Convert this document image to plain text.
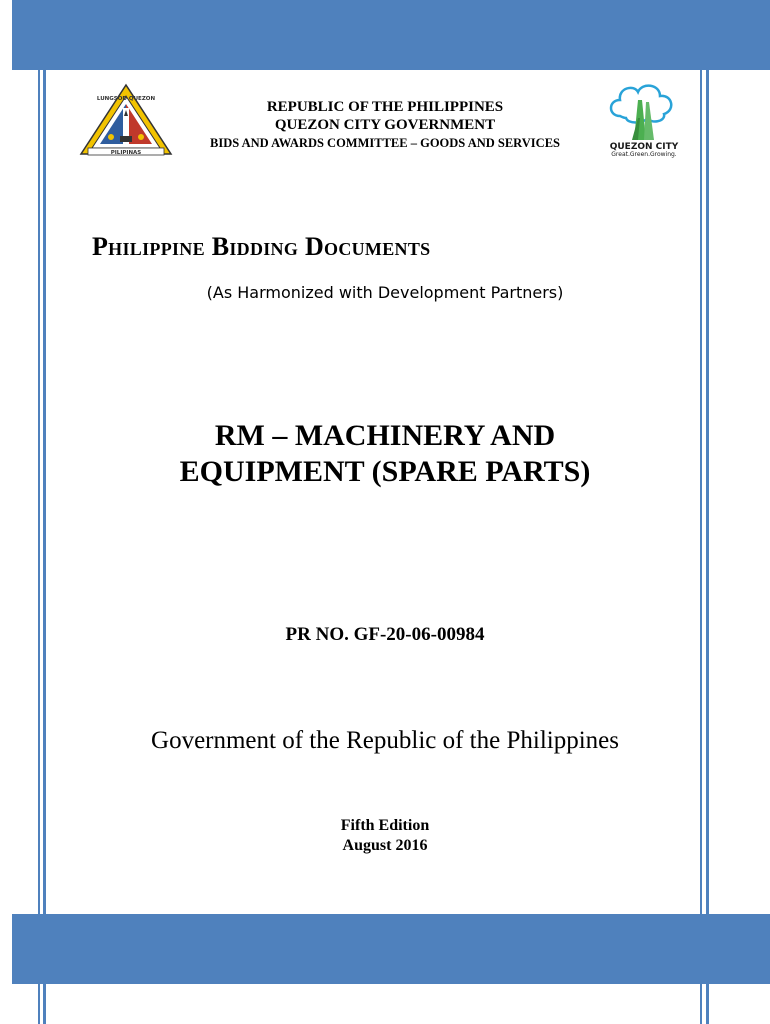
PILIPINAS
LUNGSOD QUEZON
QUEZON CITY
Great.Green.Growing.
REPUBLIC OF THE PHILIPPINES
QUEZON CITY GOVERNMENT
BIDS AND AWARDS COMMITTEE – GOODS AND SERVICES
Philippine Bidding Documents
(As Harmonized with Development Partners)
RM – MACHINERY AND
EQUIPMENT (SPARE PARTS)
PR NO. GF-20-06-00984
Government of the Republic of the Philippines
Fifth Edition
August 2016
